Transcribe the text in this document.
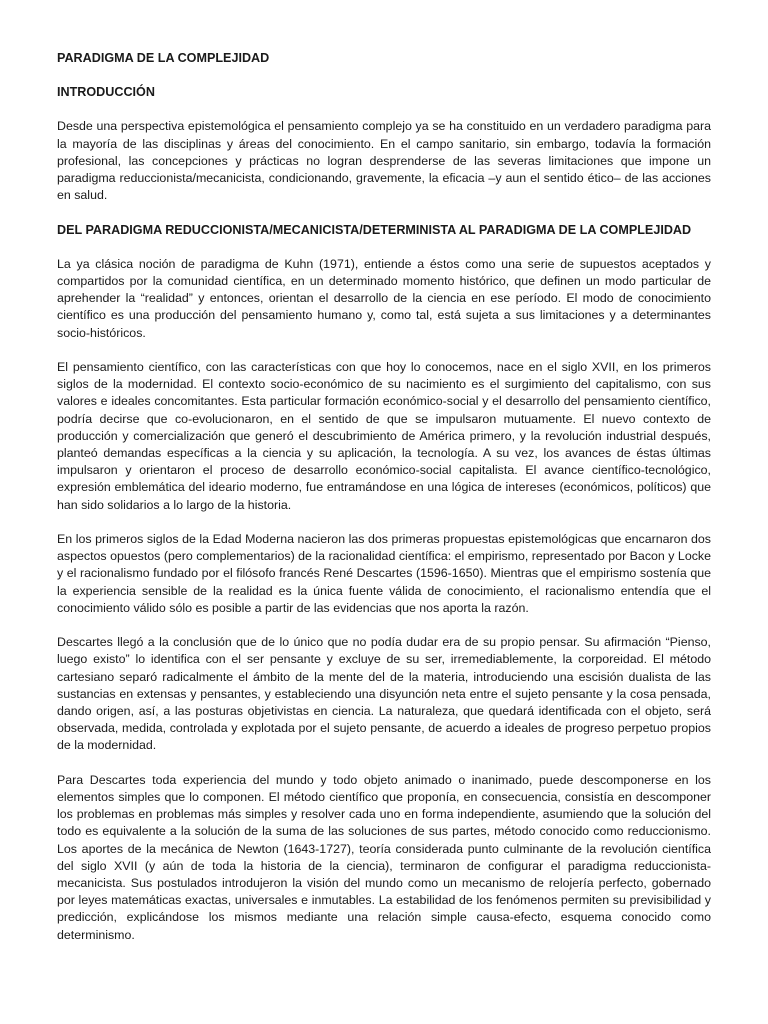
PARADIGMA DE LA COMPLEJIDAD
INTRODUCCIÓN

Desde una perspectiva epistemológica el pensamiento complejo ya se ha constituido en un verdadero paradigma para la mayoría de las disciplinas y áreas del conocimiento. En el campo sanitario, sin embargo, todavía la formación profesional, las concepciones y prácticas no logran desprenderse de las severas limitaciones que impone un paradigma reduccionista/mecanicista, condicionando, gravemente, la eficacia –y aun el sentido ético– de las acciones en salud.

DEL PARADIGMA REDUCCIONISTA/MECANICISTA/DETERMINISTA AL PARADIGMA DE LA COMPLEJIDAD

La ya clásica noción de paradigma de Kuhn (1971), entiende a éstos como una serie de supuestos aceptados y compartidos por la comunidad científica, en un determinado momento histórico, que definen un modo particular de aprehender la “realidad” y entonces, orientan el desarrollo de la ciencia en ese período. El modo de conocimiento científico es una producción del pensamiento humano y, como tal, está sujeta a sus limitaciones y a determinantes socio-históricos.

El pensamiento científico, con las características con que hoy lo conocemos, nace en el siglo XVII, en los primeros siglos de la modernidad. El contexto socio-económico de su nacimiento es el surgimiento del capitalismo, con sus valores e ideales concomitantes. Esta particular formación económico-social y el desarrollo del pensamiento científico, podría decirse que co-evolucionaron, en el sentido de que se impulsaron mutuamente. El nuevo contexto de producción y comercialización que generó el descubrimiento de América primero, y la revolución industrial después, planteó demandas específicas a la ciencia y su aplicación, la tecnología. A su vez, los avances de éstas últimas impulsaron y orientaron el proceso de desarrollo económico-social capitalista. El avance científico-tecnológico, expresión emblemática del ideario moderno, fue entramándose en una lógica de intereses (económicos, políticos) que han sido solidarios a lo largo de la historia.

En los primeros siglos de la Edad Moderna nacieron las dos primeras propuestas epistemológicas que encarnaron dos aspectos opuestos (pero complementarios) de la racionalidad científica: el empirismo, representado por Bacon y Locke y el racionalismo fundado por el filósofo francés René Descartes (1596-1650). Mientras que el empirismo sostenía que la experiencia sensible de la realidad es la única fuente válida de conocimiento, el racionalismo entendía que el conocimiento válido sólo es posible a partir de las evidencias que nos aporta la razón.

Descartes llegó a la conclusión que de lo único que no podía dudar era de su propio pensar. Su afirmación “Pienso, luego existo” lo identifica con el ser pensante y excluye de su ser, irremediablemente, la corporeidad. El método cartesiano separó radicalmente el ámbito de la mente del de la materia, introduciendo una escisión dualista de las sustancias en extensas y pensantes, y estableciendo una disyunción neta entre el sujeto pensante y la cosa pensada, dando origen, así, a las posturas objetivistas en ciencia. La naturaleza, que quedará identificada con el objeto, será observada, medida, controlada y explotada por el sujeto pensante, de acuerdo a ideales de progreso perpetuo propios de la modernidad.

Para Descartes toda experiencia del mundo y todo objeto animado o inanimado, puede descomponerse en los elementos simples que lo componen. El método científico que proponía, en consecuencia, consistía en descomponer los problemas en problemas más simples y resolver cada uno en forma independiente, asumiendo que la solución del todo es equivalente a la solución de la suma de las soluciones de sus partes, método conocido como reduccionismo. Los aportes de la mecánica de Newton (1643-1727), teoría considerada punto culminante de la revolución científica del siglo XVII (y aún de toda la historia de la ciencia), terminaron de configurar el paradigma reduccionista-mecanicista. Sus postulados introdujeron la visión del mundo como un mecanismo de relojería perfecto, gobernado por leyes matemáticas exactas, universales e inmutables. La estabilidad de los fenómenos permiten su previsibilidad y predicción, explicándose los mismos mediante una relación simple causa-efecto, esquema conocido como determinismo.
